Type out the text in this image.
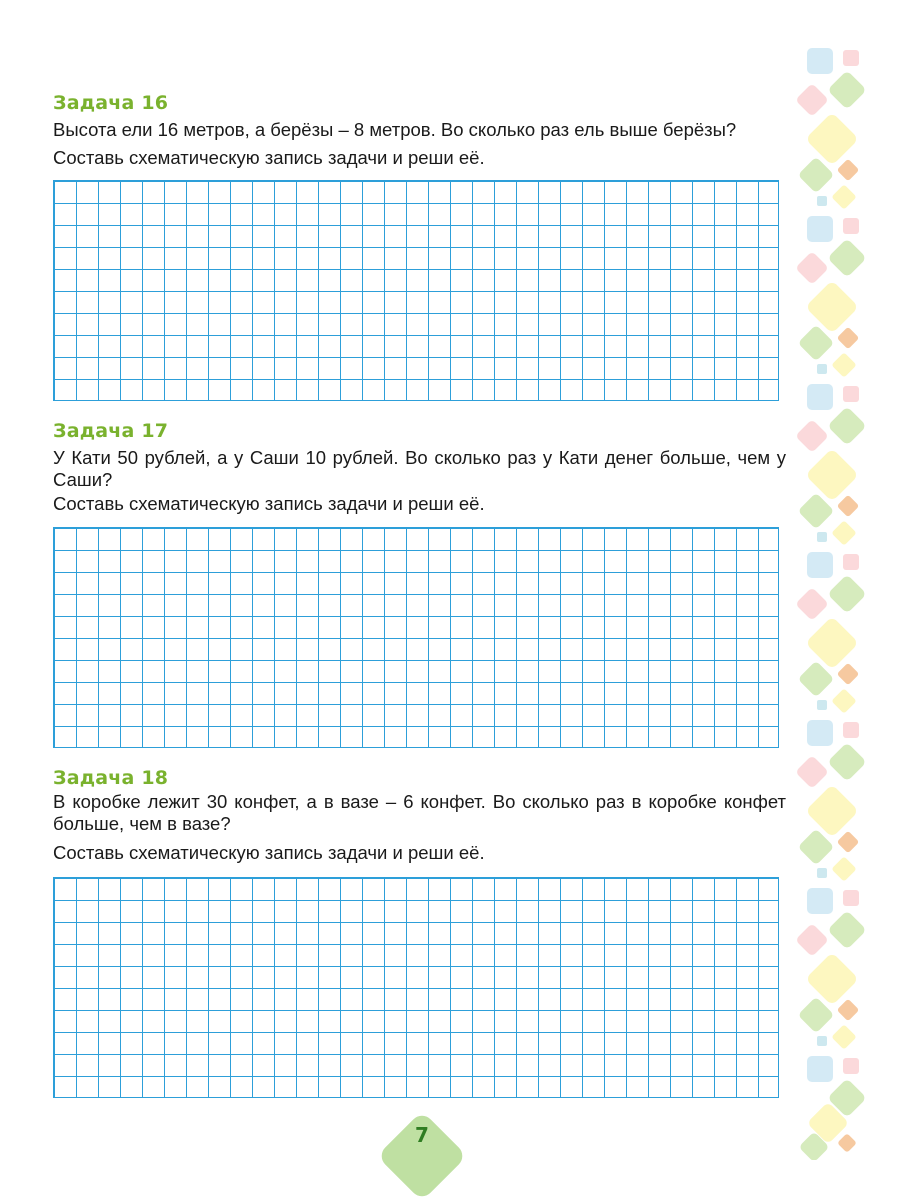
Задача 16
Высота ели 16 метров, а берёзы – 8 метров. Во сколько раз ель выше берёзы?
Составь схематическую запись задачи и реши её.
Задача 17
У Кати 50 рублей, а у Саши 10 рублей. Во сколько раз у Кати денег больше, чем у Саши?
Составь схематическую запись задачи и реши её.
Задача 18
В коробке лежит 30 конфет, а в вазе – 6 конфет. Во сколько раз в коробке конфет больше, чем в вазе?
Составь схематическую запись задачи и реши её.
7
